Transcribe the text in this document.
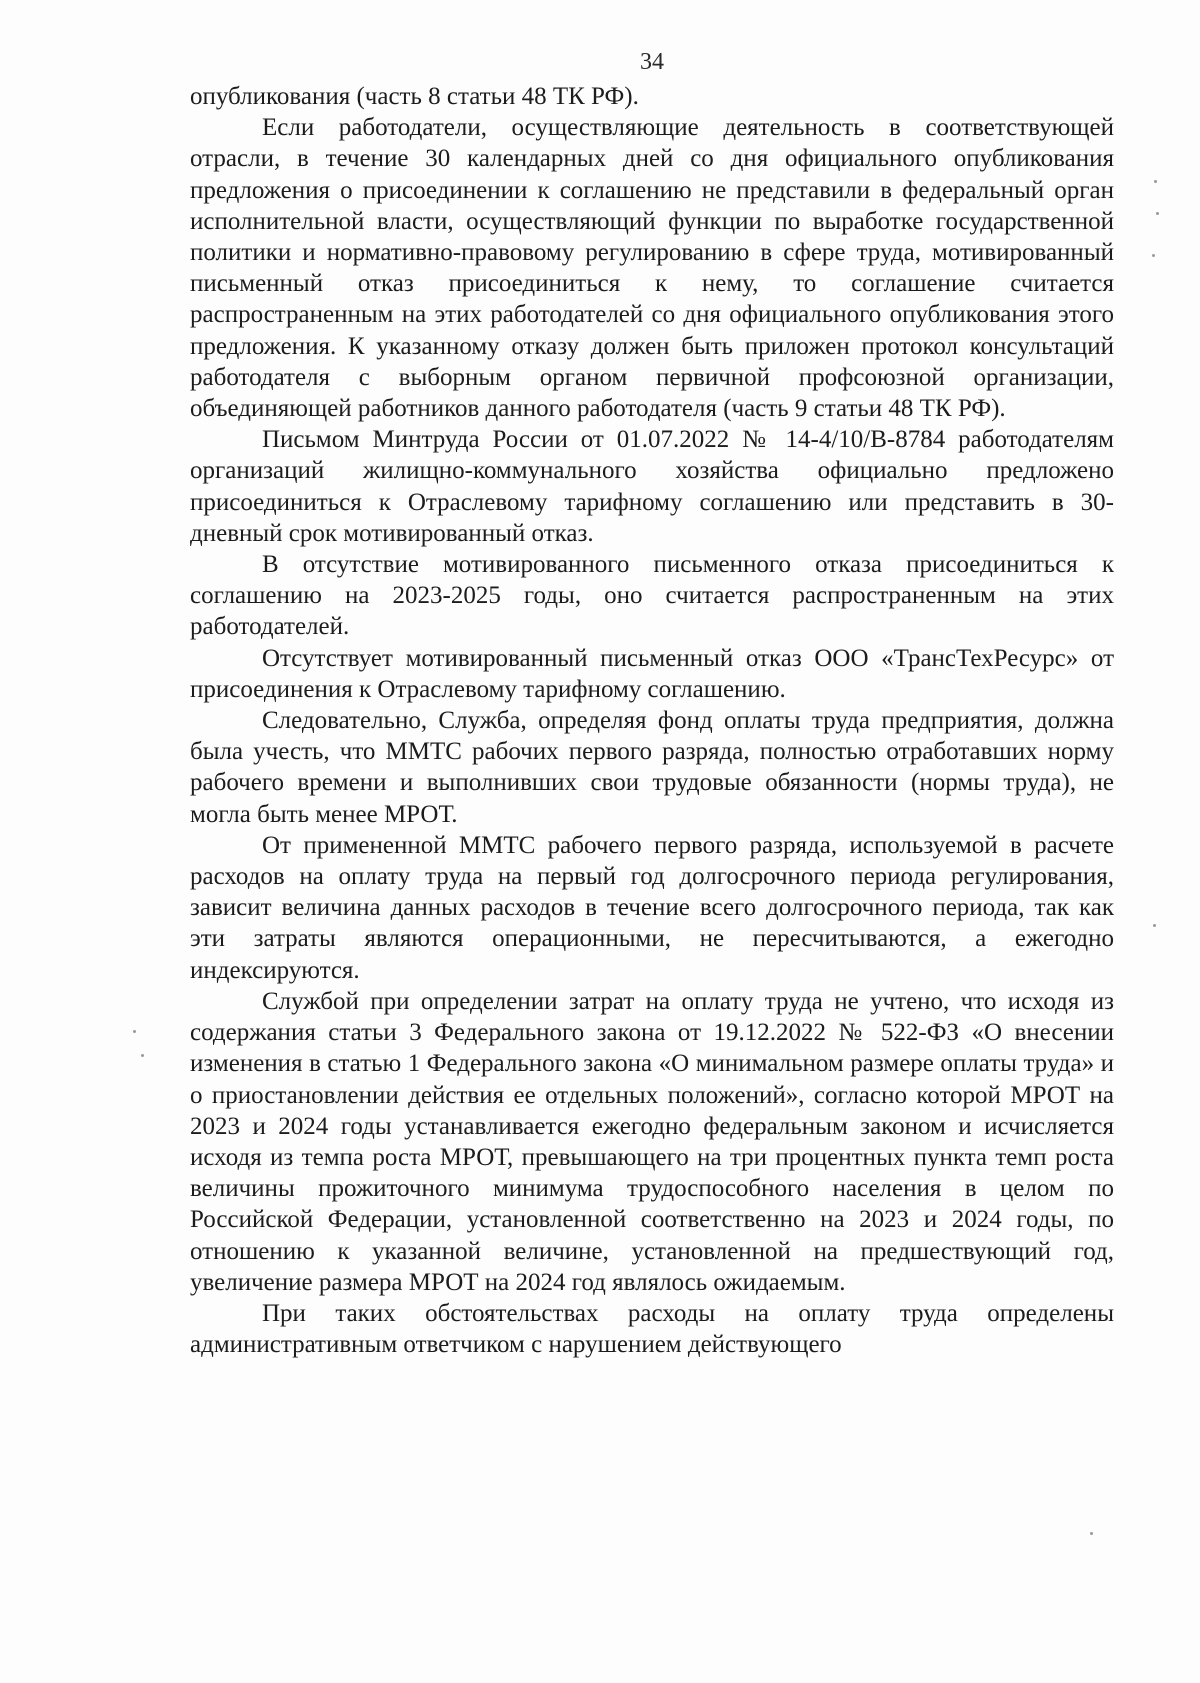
34

опубликования (часть 8 статьи 48 ТК РФ).

Если работодатели, осуществляющие деятельность в соответствующей отрасли, в течение 30 календарных дней со дня официального опубликования предложения о присоединении к соглашению не представили в федеральный орган исполнительной власти, осуществляющий функции по выработке государственной политики и нормативно-правовому регулированию в сфере труда, мотивированный письменный отказ присоединиться к нему, то соглашение считается распространенным на этих работодателей со дня официального опубликования этого предложения. К указанному отказу должен быть приложен протокол консультаций работодателя с выборным органом первичной профсоюзной организации, объединяющей работников данного работодателя (часть 9 статьи 48 ТК РФ).

Письмом Минтруда России от 01.07.2022 № 14-4/10/В-8784 работодателям организаций жилищно-коммунального хозяйства официально предложено присоединиться к Отраслевому тарифному соглашению или представить в 30- дневный срок мотивированный отказ.

В отсутствие мотивированного письменного отказа присоединиться к соглашению на 2023-2025 годы, оно считается распространенным на этих работодателей.

Отсутствует мотивированный письменный отказ ООО «ТрансТехРесурс» от присоединения к Отраслевому тарифному соглашению.

Следовательно, Служба, определяя фонд оплаты труда предприятия, должна была учесть, что ММТС рабочих первого разряда, полностью отработавших норму рабочего времени и выполнивших свои трудовые обязанности (нормы труда), не могла быть менее МРОТ.

От примененной ММТС рабочего первого разряда, используемой в расчете расходов на оплату труда на первый год долгосрочного периода регулирования, зависит величина данных расходов в течение всего долгосрочного периода, так как эти затраты являются операционными, не пересчитываются, а ежегодно индексируются.

Службой при определении затрат на оплату труда не учтено, что исходя из содержания статьи 3 Федерального закона от 19.12.2022 № 522-ФЗ «О внесении изменения в статью 1 Федерального закона «О минимальном размере оплаты труда» и о приостановлении действия ее отдельных положений», согласно которой МРОТ на 2023 и 2024 годы устанавливается ежегодно федеральным законом и исчисляется исходя из темпа роста МРОТ, превышающего на три процентных пункта темп роста величины прожиточного минимума трудоспособного населения в целом по Российской Федерации, установленной соответственно на 2023 и 2024 годы, по отношению к указанной величине, установленной на предшествующий год, увеличение размера МРОТ на 2024 год являлось ожидаемым.

При таких обстоятельствах расходы на оплату труда определены административным ответчиком с нарушением действующего
